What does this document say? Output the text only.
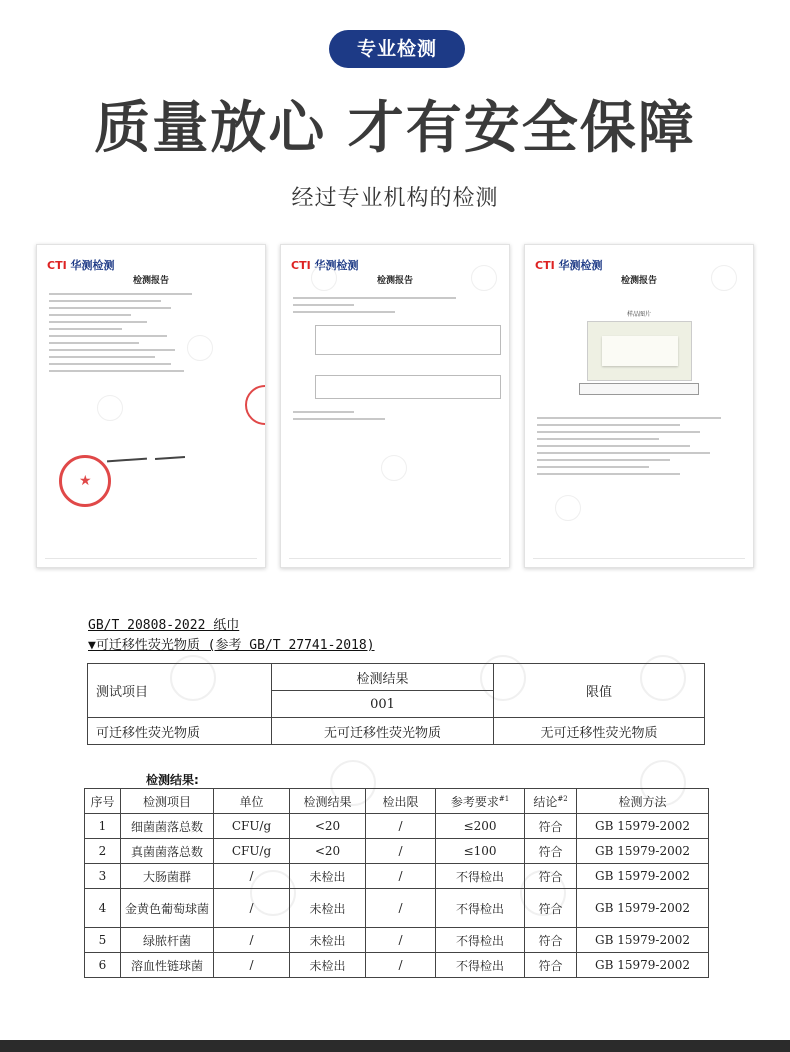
专业检测
质量放心 才有安全保障
经过专业机构的检测
CTI 华测检测
检测报告
★
CTI 华测检测
检测报告
CTI 华测检测
检测报告
样品图片
GB/T 20808-2022 纸巾
▼可迁移性荧光物质 (参考 GB/T 27741-2018)
测试项目	检测结果	限值
	001	
可迁移性荧光物质	无可迁移性荧光物质	无可迁移性荧光物质
检测结果:
序号	检测项目	单位	检测结果	检出限	参考要求$^{\#1}$	结论$^{\#2}$	检测方法
1	细菌菌落总数	CFU/g	<20	/	≤200	符合	GB 15979-2002
2	真菌菌落总数	CFU/g	<20	/	≤100	符合	GB 15979-2002
3	大肠菌群	/	未检出	/	不得检出	符合	GB 15979-2002
4	金黄色葡萄球菌	/	未检出	/	不得检出	符合	GB 15979-2002
5	绿脓杆菌	/	未检出	/	不得检出	符合	GB 15979-2002
6	溶血性链球菌	/	未检出	/	不得检出	符合	GB 15979-2002
